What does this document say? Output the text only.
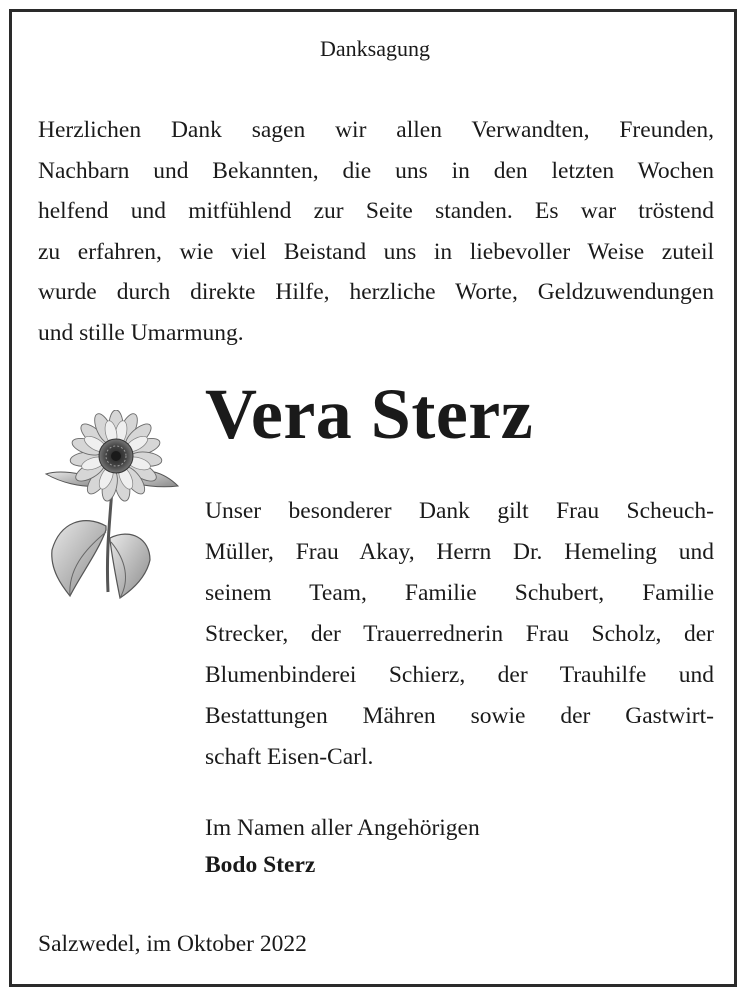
Danksagung
Herzlichen Dank sagen wir allen Verwandten, Freunden,
Nachbarn und Bekannten, die uns in den letzten Wochen
helfend und mitfühlend zur Seite standen. Es war tröstend
zu erfahren, wie viel Beistand uns in liebevoller Weise zuteil
wurde durch direkte Hilfe, herzliche Worte, Geldzuwendungen
und stille Umarmung.
Vera Sterz
Unser besonderer Dank gilt Frau Scheuch-
Müller, Frau Akay, Herrn Dr. Hemeling und
seinem Team, Familie Schubert, Familie
Strecker, der Trauerrednerin Frau Scholz, der
Blumenbinderei Schierz, der Trauhilfe und
Bestattungen Mähren sowie der Gastwirt-
schaft Eisen-Carl.
Im Namen aller Angehörigen
Bodo Sterz
Salzwedel, im Oktober 2022
